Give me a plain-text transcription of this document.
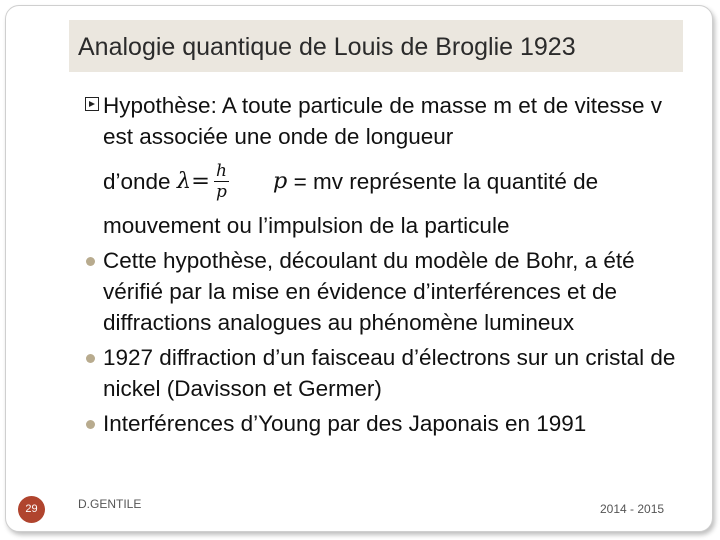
Analogie quantique de Louis de Broglie 1923
Hypothèse: A toute particule de masse m et de vitesse v est associée une onde de longueur
d’onde
$\lambda = \frac{h}{p}$ p
= mv représente la quantité de
mouvement ou l’impulsion de la particule
Cette hypothèse, découlant du modèle de Bohr, a été vérifié par la mise en évidence d’interférences et de diffractions analogues au phénomène lumineux
1927 diffraction d’un faisceau d’électrons sur un cristal de nickel (Davisson et Germer)
Interférences d’Young par des Japonais en 1991
29	D.GENTILE	2014 - 2015
